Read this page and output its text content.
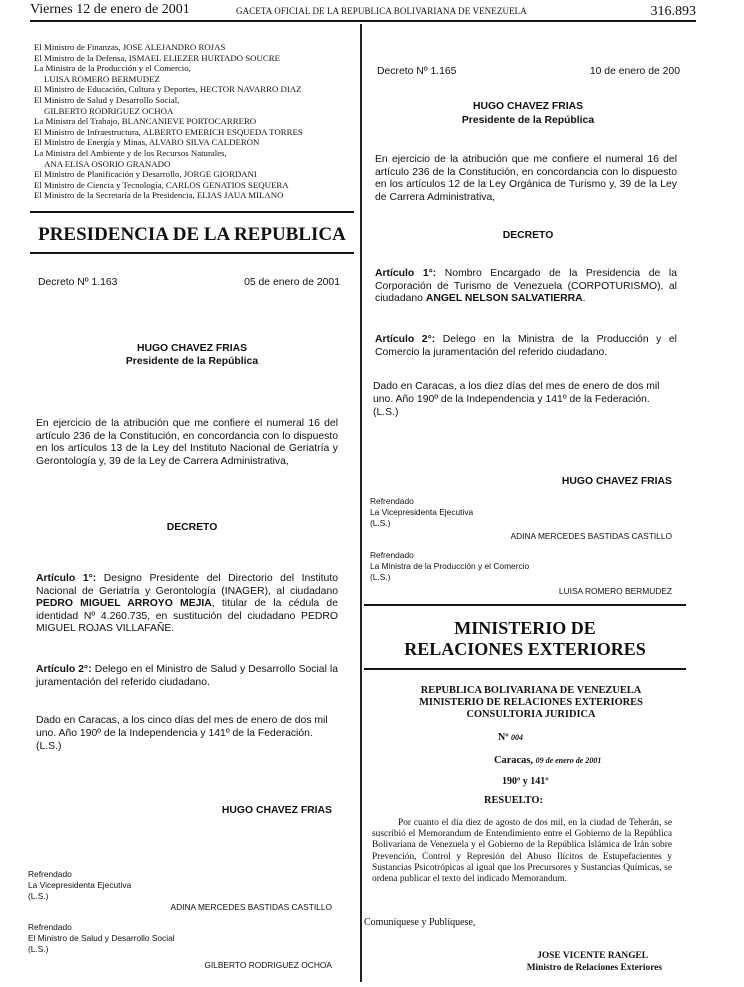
Viernes 12 de enero de 2001	GACETA OFICIAL DE LA REPUBLICA BOLIVARIANA DE VENEZUELA	316.893
El Ministro de Finanzas, JOSE ALEJANDRO ROJAS
El Ministro de la Defensa, ISMAEL ELIEZER HURTADO SOUCRE
La Ministra de la Producción y el Comercio,
LUISA ROMERO BERMUDEZ
El Ministro de Educación, Cultura y Deportes, HECTOR NAVARRO DIAZ
El Ministro de Salud y Desarrollo Social,
GILBERTO RODRIGUEZ OCHOA
La Ministra del Trabajo, BLANCANIEVE PORTOCARRERO
El Ministro de Infraestructura, ALBERTO EMERICH ESQUEDA TORRES
El Ministro de Energía y Minas, ALVARO SILVA CALDERON
La Ministra del Ambiente y de los Recursos Naturales,
ANA ELISA OSORIO GRANADO
El Ministro de Planificación y Desarrollo, JORGE GIORDANI
El Ministro de Ciencia y Tecnología, CARLOS GENATIOS SEQUERA
El Ministro de la Secretaría de la Presidencia, ELIAS JAUA MILANO
PRESIDENCIA DE LA REPUBLICA
Decreto Nº 1.163	05 de enero de 2001
HUGO CHAVEZ FRIAS
Presidente de la República

En ejercicio de la atribución que me confiere el numeral 16 del artículo 236 de la Constitución, en concordancia con lo dispuesto en los artículos 13 de la Ley del Instituto Nacional de Geriatría y Gerontología y, 39 de la Ley de Carrera Administrativa,

DECRETO

Artículo 1°: Designo Presidente del Directorio del Instituto Nacional de Geriatría y Gerontología (INAGER), al ciudadano PEDRO MIGUEL ARROYO MEJIA, titular de la cédula de identidad Nº 4.260.735, en sustitución del ciudadano PEDRO MIGUEL ROJAS VILLAFAÑE.

Artículo 2°: Delego en el Ministro de Salud y Desarrollo Social la juramentación del referido ciudadano.

Dado en Caracas, a los cinco días del mes de enero de dos mil uno. Año 190º de la Independencia y 141º de la Federación.

(L.S.)
HUGO CHAVEZ FRIAS
Refrendado
La Vicepresidenta Ejecutiva
(L.S.)
ADINA MERCEDES BASTIDAS CASTILLO
Refrendado
El Ministro de Salud y Desarrollo Social
(L.S.)
GILBERTO RODRIGUEZ OCHOA
Decreto Nº 1.165	10 de enero de 200
HUGO CHAVEZ FRIAS
Presidente de la República

En ejercicio de la atribución que me confiere el numeral 16 del artículo 236 de la Constitución, en concordancia con lo dispuesto en los artículos 12 de la Ley Orgánica de Turismo y, 39 de la Ley de Carrera Administrativa,

DECRETO

Artículo 1°: Nombro Encargado de la Presidencia de la Corporación de Turismo de Venezuela (CORPOTURISMO), al ciudadano ANGEL NELSON SALVATIERRA.

Artículo 2°: Delego en la Ministra de la Producción y el Comercio la juramentación del referido ciudadano.

Dado en Caracas, a los diez días del mes de enero de dos mil uno. Año 190º de la Independencia y 141º de la Federación.

(L.S.)
HUGO CHAVEZ FRIAS
Refrendado
La Vicepresidenta Ejecutiva
(L.S.)
ADINA MERCEDES BASTIDAS CASTILLO
Refrendado
La Ministra de la Producción y el Comercio
(L.S.)
LUISA ROMERO BERMUDEZ
MINISTERIO DE
RELACIONES EXTERIORES
REPUBLICA BOLIVARIANA DE VENEZUELA
MINISTERIO DE RELACIONES EXTERIORES
CONSULTORIA JURIDICA
Nº 004
Caracas, 09 de enero de 2001
190º y 141º
RESUELTO:

Por cuanto el día diez de agosto de dos mil, en la ciudad de Teherán, se suscribió el Memorandum de Entendimiento entre el Gobierno de la República Bolivariana de Venezuela y el Gobierno de la República Islámica de Irán sobre Prevención, Control y Represión del Abuso Ilícitos de Estupefacientes y Sustancias Psicotrópicas al igual que los Precursores y Sustancias Químicas, se ordena publicar el texto del indicado Memorandum.

Comuníquese y Publíquese,
JOSE VICENTE RANGEL
Ministro de Relaciones Exteriores
